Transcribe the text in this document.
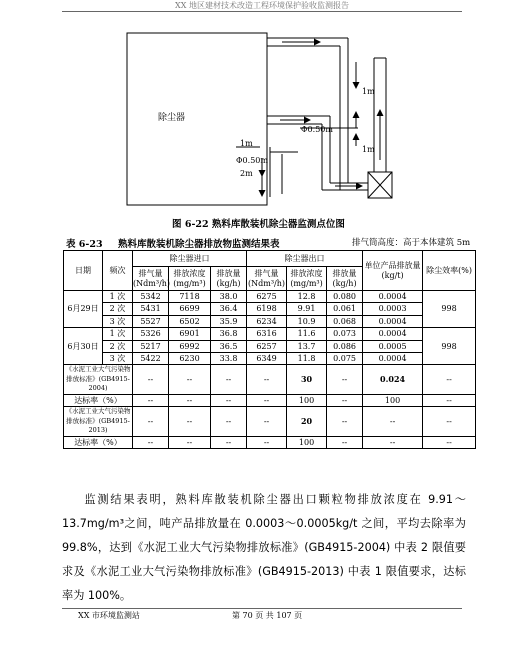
XX 地区建材技术改造工程环境保护验收监测报告
除尘器
1m
1m
Φ0.50m
1m
Φ0.50m
2m
图 6-22 熟料库散装机除尘器监测点位图
表 6-23 熟料库散装机除尘器排放物监测结果表	排气筒高度：高于本体建筑 5m
日期	频次	除尘器进口			除尘器出口			单位产品排放量(kg/t)	除尘效率(%)
		排气量(Ndm³/h)	排放浓度(mg/m³)	排放量(kg/h)	排气量(Ndm³/h)	排放浓度(mg/m³)	排放量(kg/h)		
6月29日	1 次	5342	7118	38.0	6275	12.8	0.080	0.0004	998
	2 次	5431	6699	36.4	6198	9.91	0.061	0.0003	
	3 次	5527	6502	35.9	6234	10.9	0.068	0.0004	
6月30日	1 次	5326	6901	36.8	6316	11.6	0.073	0.0004	998
	2 次	5217	6992	36.5	6257	13.7	0.086	0.0005	
	3 次	5422	6230	33.8	6349	11.8	0.075	0.0004	
《水泥工业大气污染物排放标准》(GB4915-2004)		--	--	--	--	30	--	0.024	--
达标率（%）		--	--	--	--	100	--	100	--
《水泥工业大气污染物排放标准》(GB4915-2013)		--	--	--	--	20	--	--	--
达标率（%）		--	--	--	--	100	--	--	--
监测结果表明，熟料库散装机除尘器出口颗粒物排放浓度在 9.91～13.7mg/m³之间，吨产品排放量在 0.0003～0.0005kg/t 之间，平均去除率为 99.8%，达到《水泥工业大气污染物排放标准》(GB4915-2004) 中表 2 限值要求及《水泥工业大气污染物排放标准》(GB4915-2013) 中表 1 限值要求，达标率为 100%。
XX 市环境监测站	第 70 页 共 107 页
